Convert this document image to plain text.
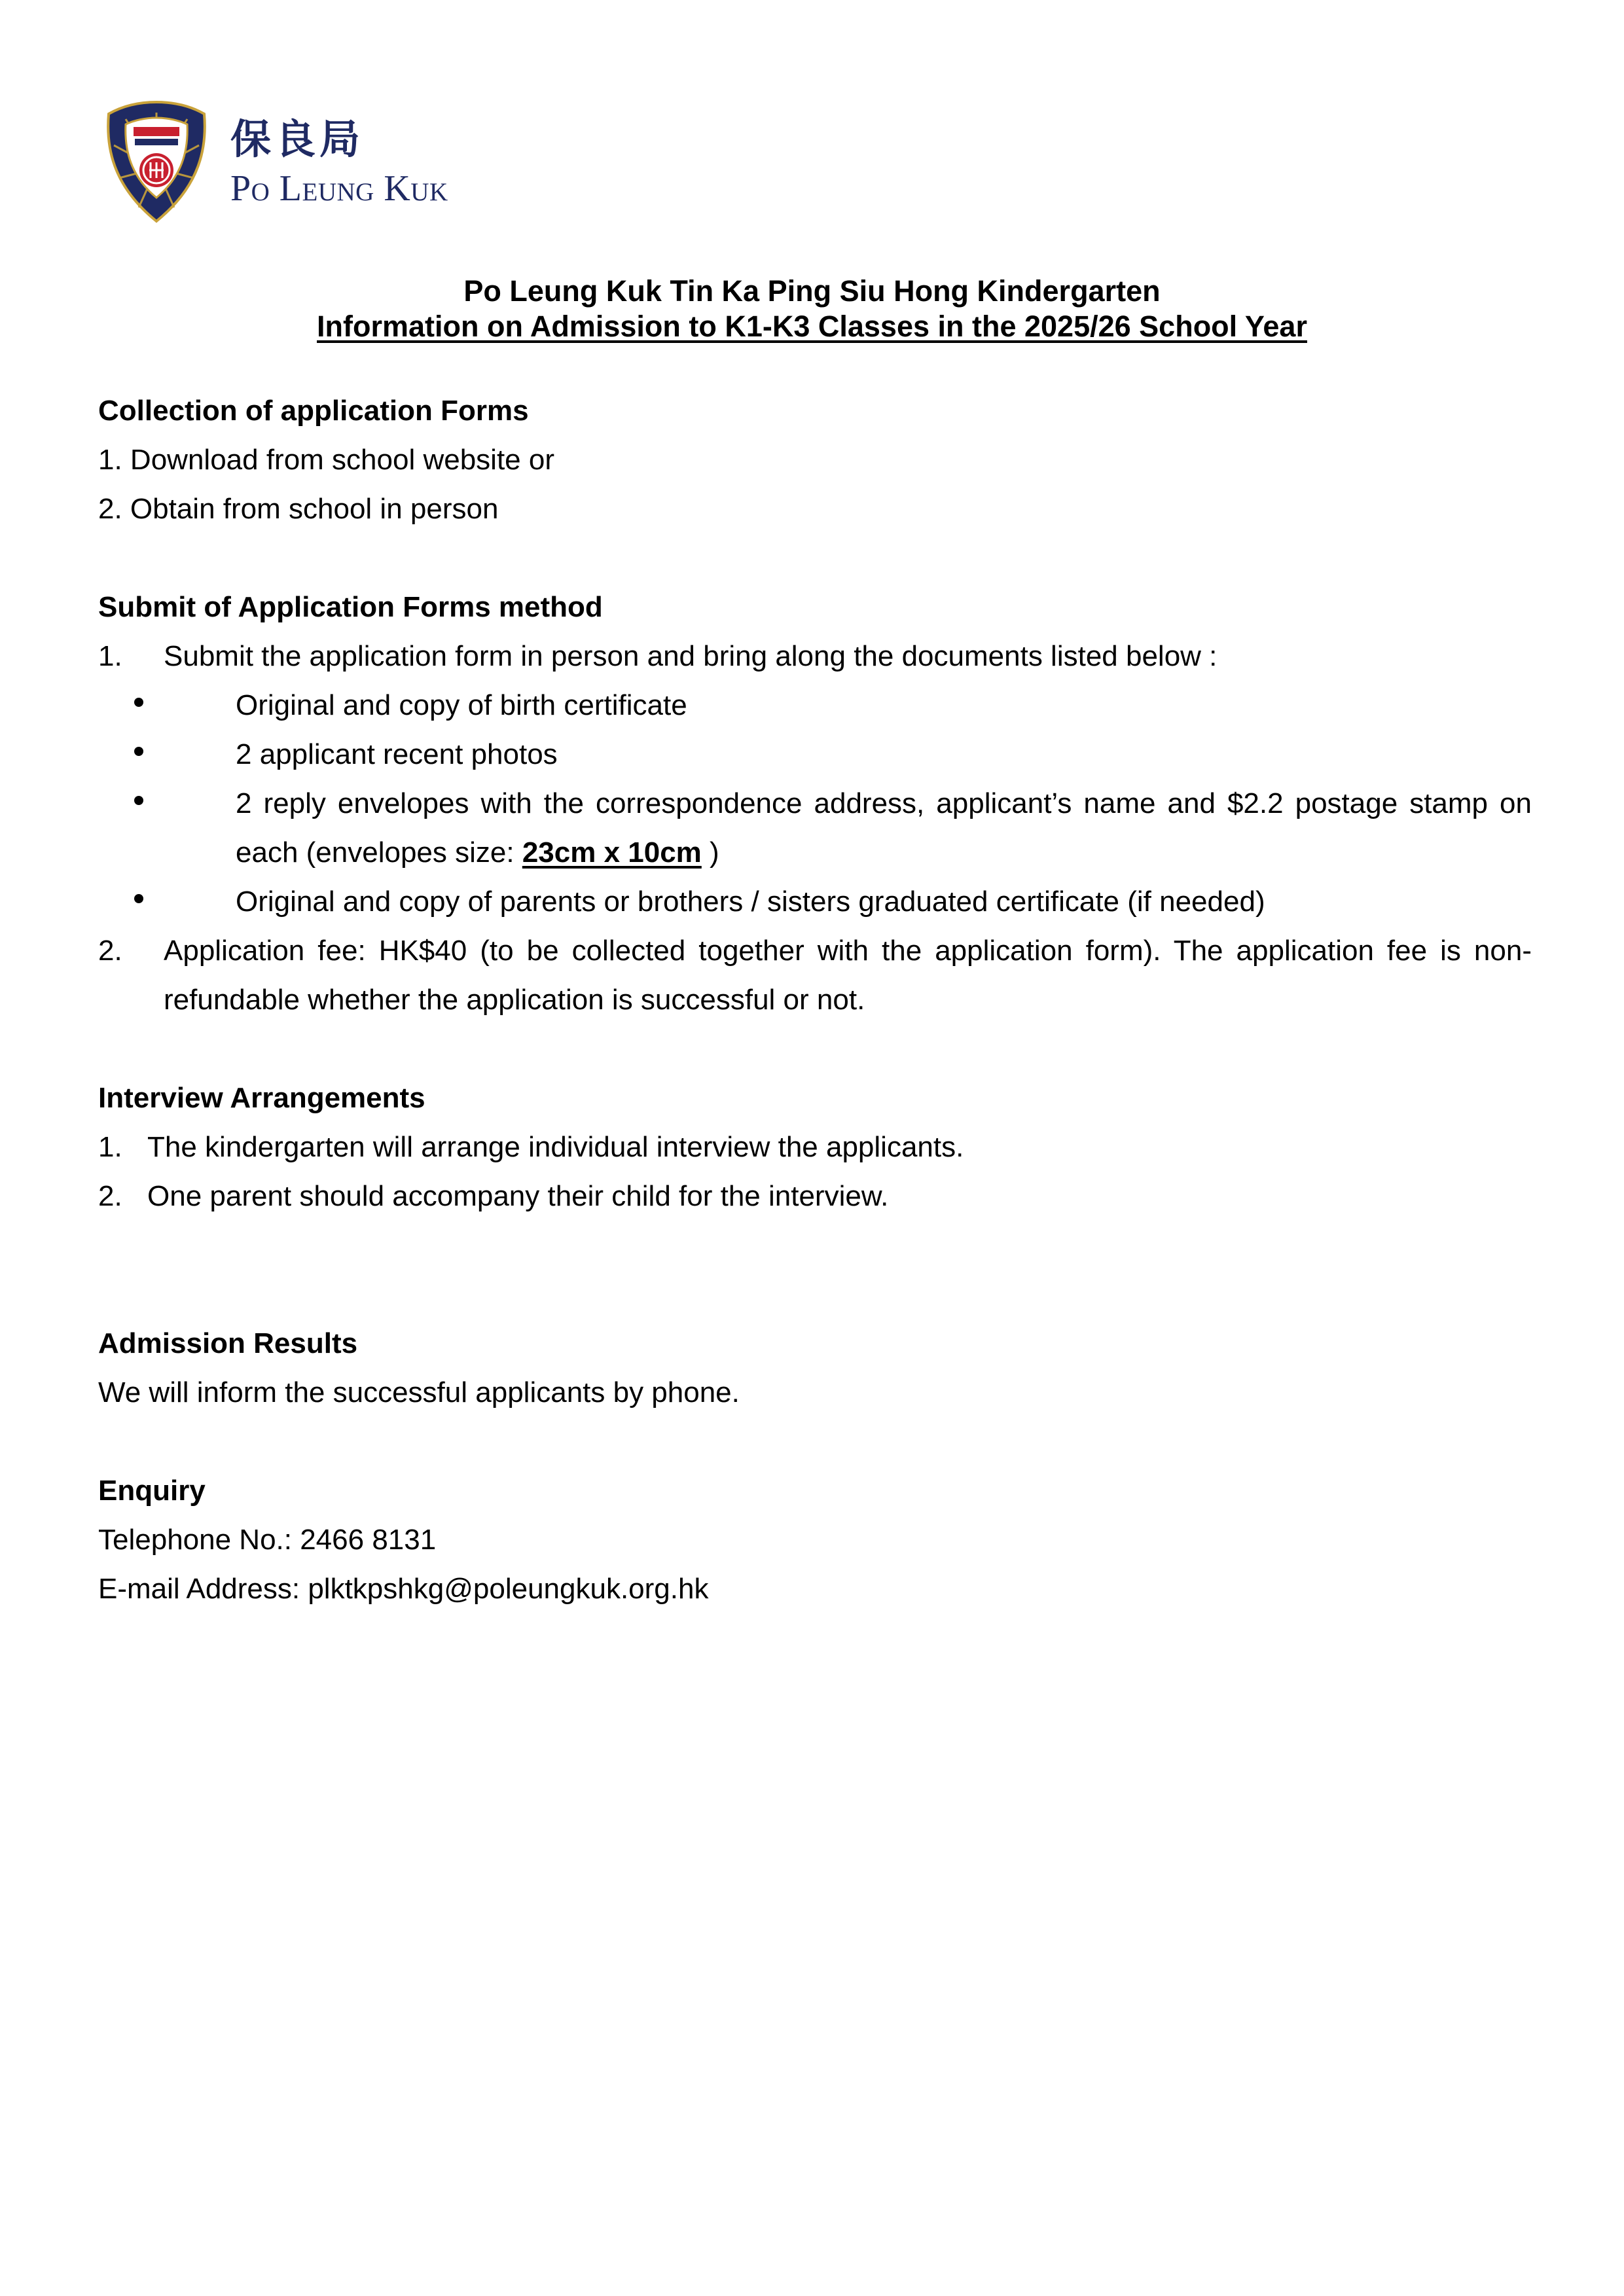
保良局
Po Leung Kuk
Po Leung Kuk Tin Ka Ping Siu Hong Kindergarten
Information on Admission to K1-K3 Classes in the 2025/26 School Year
Collection of application Forms
1. Download from school website or
2. Obtain from school in person
Submit of Application Forms method
1.	Submit the application form in person and bring along the documents listed below :
Original and copy of birth certificate
2 applicant recent photos
2 reply envelopes with the correspondence address, applicant’s name and $2.2 postage stamp on each (envelopes size: 23cm x 10cm )
Original and copy of parents or brothers / sisters graduated certificate (if needed)
2.	Application fee: HK$40 (to be collected together with the application form). The application fee is non-refundable whether the application is successful or not.
Interview Arrangements
1. The kindergarten will arrange individual interview the applicants.
2. One parent should accompany their child for the interview.
Admission Results
We will inform the successful applicants by phone.
Enquiry
Telephone No.: 2466 8131
E-mail Address: plktkpshkg@poleungkuk.org.hk
